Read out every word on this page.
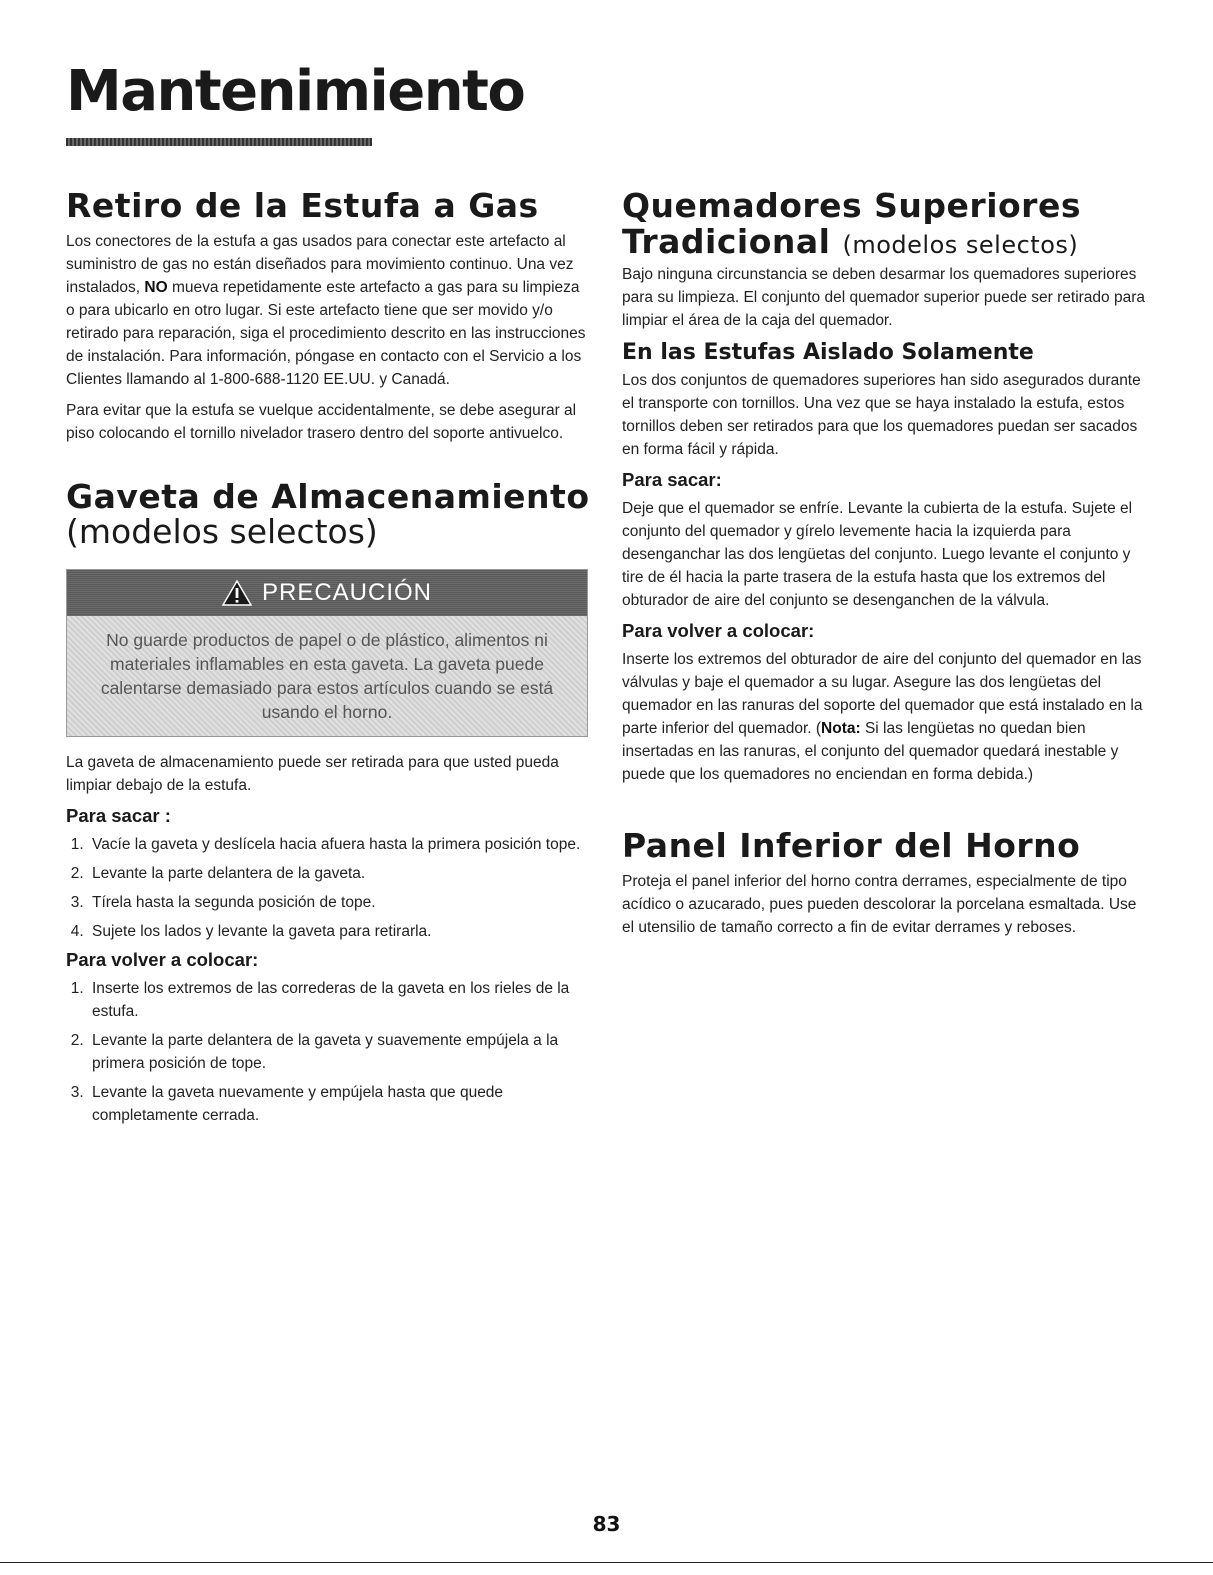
Mantenimiento
Retiro de la Estufa a Gas

Los conectores de la estufa a gas usados para conectar este artefacto al suministro de gas no están diseñados para movimiento continuo. Una vez instalados, NO mueva repetidamente este artefacto a gas para su limpieza o para ubicarlo en otro lugar. Si este artefacto tiene que ser movido y/o retirado para reparación, siga el procedimiento descrito en las instrucciones de instalación. Para información, póngase en contacto con el Servicio a los Clientes llamando al 1-800-688-1120 EE.UU. y Canadá.

Para evitar que la estufa se vuelque accidentalmente, se debe asegurar al piso colocando el tornillo nivelador trasero dentro del soporte antivuelco.

Gaveta de Almacenamiento
(modelos selectos)
PRECAUCIÓN
No guarde productos de papel o de plástico, alimentos ni materiales inflamables en esta gaveta. La gaveta puede calentarse demasiado para estos artículos cuando se está usando el horno.

La gaveta de almacenamiento puede ser retirada para que usted pueda limpiar debajo de la estufa.

Para sacar :
1. Vacíe la gaveta y deslícela hacia afuera hasta la primera posición tope.
2. Levante la parte delantera de la gaveta.
3. Tírela hasta la segunda posición de tope.
4. Sujete los lados y levante la gaveta para retirarla.
Para volver a colocar:
1. Inserte los extremos de las correderas de la gaveta en los rieles de la estufa.
2. Levante la parte delantera de la gaveta y suavemente empújela a la primera posición de tope.
3. Levante la gaveta nuevamente y empújela hasta que quede completamente cerrada.
Quemadores Superiores
Tradicional (modelos selectos)

Bajo ninguna circunstancia se deben desarmar los quemadores superiores para su limpieza. El conjunto del quemador superior puede ser retirado para limpiar el área de la caja del quemador.

En las Estufas Aislado Solamente

Los dos conjuntos de quemadores superiores han sido asegurados durante el transporte con tornillos. Una vez que se haya instalado la estufa, estos tornillos deben ser retirados para que los quemadores puedan ser sacados en forma fácil y rápida.

Para sacar:

Deje que el quemador se enfríe. Levante la cubierta de la estufa. Sujete el conjunto del quemador y gírelo levemente hacia la izquierda para desenganchar las dos lengüetas del conjunto. Luego levante el conjunto y tire de él hacia la parte trasera de la estufa hasta que los extremos del obturador de aire del conjunto se desenganchen de la válvula.

Para volver a colocar:

Inserte los extremos del obturador de aire del conjunto del quemador en las válvulas y baje el quemador a su lugar. Asegure las dos lengüetas del quemador en las ranuras del soporte del quemador que está instalado en la parte inferior del quemador. (Nota: Si las lengüetas no quedan bien insertadas en las ranuras, el conjunto del quemador quedará inestable y puede que los quemadores no enciendan en forma debida.)

Panel Inferior del Horno

Proteja el panel inferior del horno contra derrames, especialmente de tipo acídico o azucarado, pues pueden descolorar la porcelana esmaltada. Use el utensilio de tamaño correcto a fin de evitar derrames y reboses.

83
